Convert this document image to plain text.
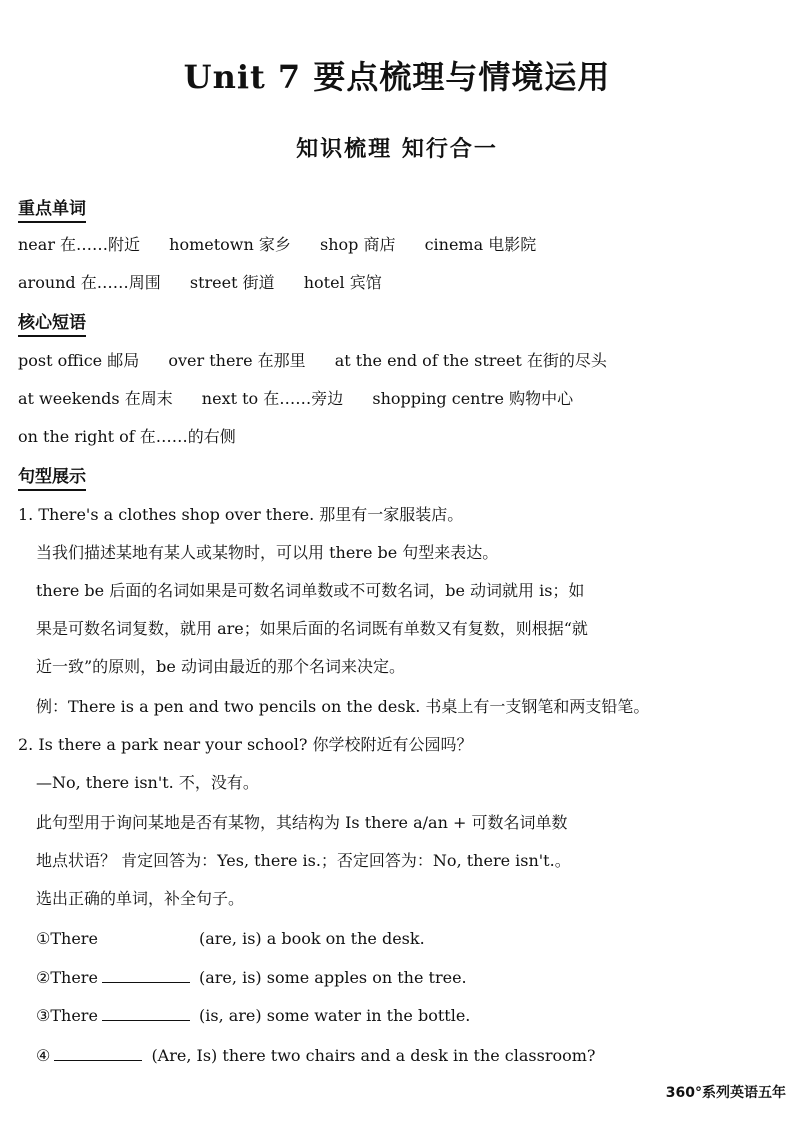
Unit 7 要点梳理与情境运用
知识梳理 知行合一
重点单词
near 在……附近 hometown 家乡 shop 商店 cinema 电影院
around 在……周围 street 街道 hotel 宾馆
核心短语
post office 邮局 over there 在那里 at the end of the street 在街的尽头
at weekends 在周末 next to 在……旁边 shopping centre 购物中心
on the right of 在……的右侧
句型展示
1. There's a clothes shop over there. 那里有一家服装店。
当我们描述某地有某人或某物时，可以用 there be 句型来表达。
there be 后面的名词如果是可数名词单数或不可数名词，be 动词就用 is；如
果是可数名词复数，就用 are；如果后面的名词既有单数又有复数，则根据“就
近一致”的原则，be 动词由最近的那个名词来决定。
例：There is a pen and two pencils on the desk. 书桌上有一支钢笔和两支铅笔。
2. Is there a park near your school? 你学校附近有公园吗？
—No, there isn't. 不，没有。
此句型用于询问某地是否有某物，其结构为 Is there a/an + 可数名词单数
地点状语？ 肯定回答为：Yes, there is.；否定回答为：No, there isn't.。
选出正确的单词，补全句子。
①There	(are, is) a book on the desk.
②There	(are, is) some apples on the tree.
③There	(is, are) some water in the bottle.
④	(Are, Is) there two chairs and a desk in the classroom?
360°系列英语五年
